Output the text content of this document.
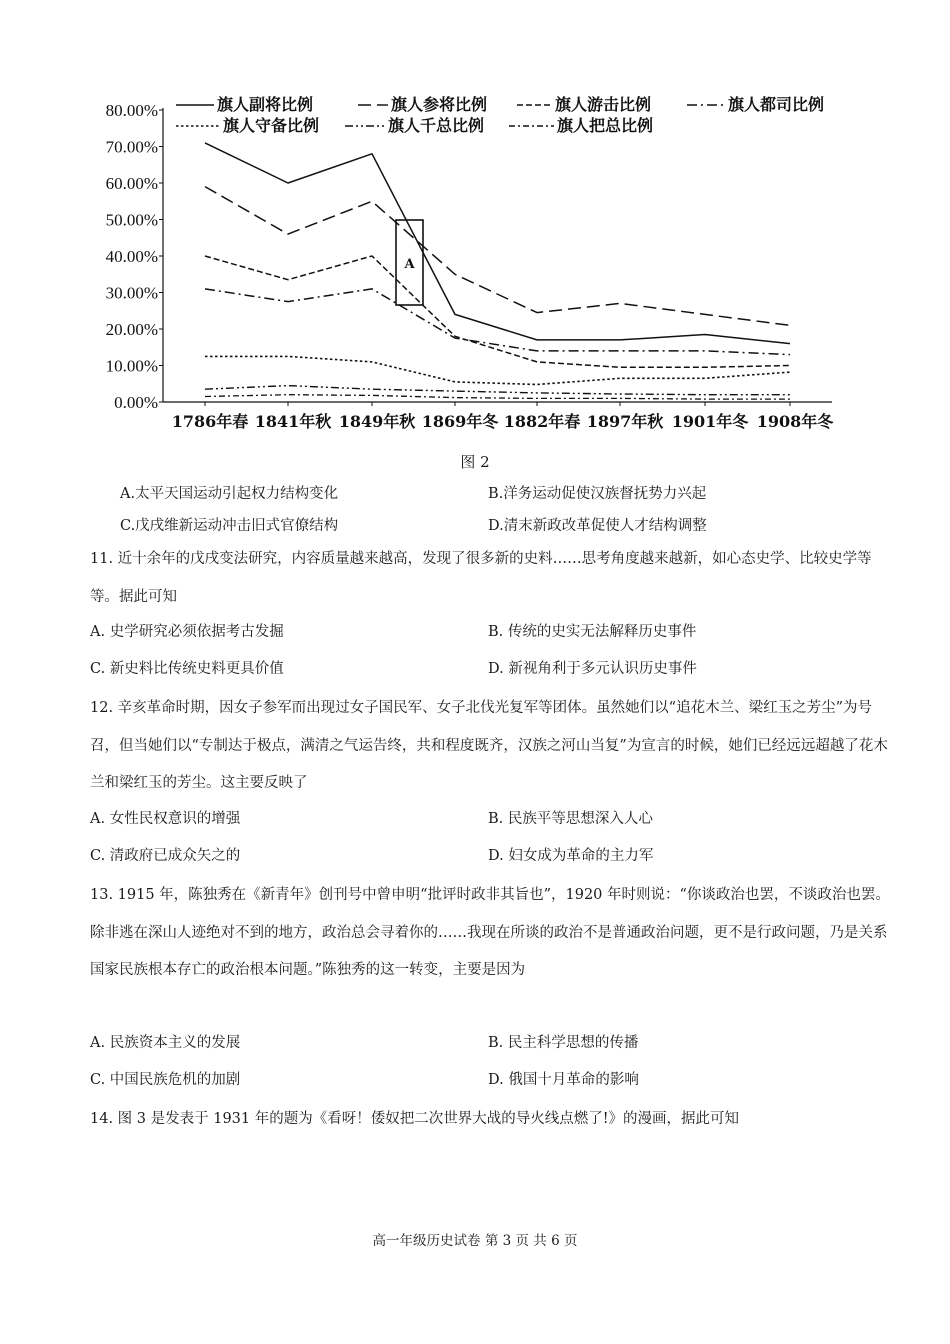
0.00%
10.00%
20.00%
30.00%
40.00%
50.00%
60.00%
70.00%
80.00%
1786年春 1841年秋 1849年秋 1869年冬 1882年春 1897年秋 1901年冬 1908年冬
旗人副将比例	旗人参将比例	旗人游击比例	旗人都司比例
旗人守备比例	旗人千总比例	旗人把总比例
A
图 2
A.太平天国运动引起权力结构变化	B.洋务运动促使汉族督抚势力兴起
C.戊戌维新运动冲击旧式官僚结构	D.清末新政改革促使人才结构调整
11. 近十余年的戊戌变法研究，内容质量越来越高，发现了很多新的史料……思考角度越来越新，如心态史学、比较史学等等。据此可知
A. 史学研究必须依据考古发掘	B. 传统的史实无法解释历史事件
C. 新史料比传统史料更具价值	D. 新视角利于多元认识历史事件
12. 辛亥革命时期，因女子参军而出现过女子国民军、女子北伐光复军等团体。虽然她们以“追花木兰、梁红玉之芳尘”为号召，但当她们以“专制达于极点，满清之气运告终，共和程度既齐，汉族之河山当复”为宣言的时候，她们已经远远超越了花木兰和梁红玉的芳尘。这主要反映了
A. 女性民权意识的增强	B. 民族平等思想深入人心
C. 清政府已成众矢之的	D. 妇女成为革命的主力军
13. 1915 年，陈独秀在《新青年》创刊号中曾申明“批评时政非其旨也”，1920 年时则说：“你谈政治也罢，不谈政治也罢。除非逃在深山人迹绝对不到的地方，政治总会寻着你的……我现在所谈的政治不是普通政治问题，更不是行政问题，乃是关系国家民族根本存亡的政治根本问题。”陈独秀的这一转变，主要是因为
A. 民族资本主义的发展	B. 民主科学思想的传播
C. 中国民族危机的加剧	D. 俄国十月革命的影响
14. 图 3 是发表于 1931 年的题为《看呀！倭奴把二次世界大战的导火线点燃了!》的漫画，据此可知
高一年级历史试卷 第 3 页 共 6 页
